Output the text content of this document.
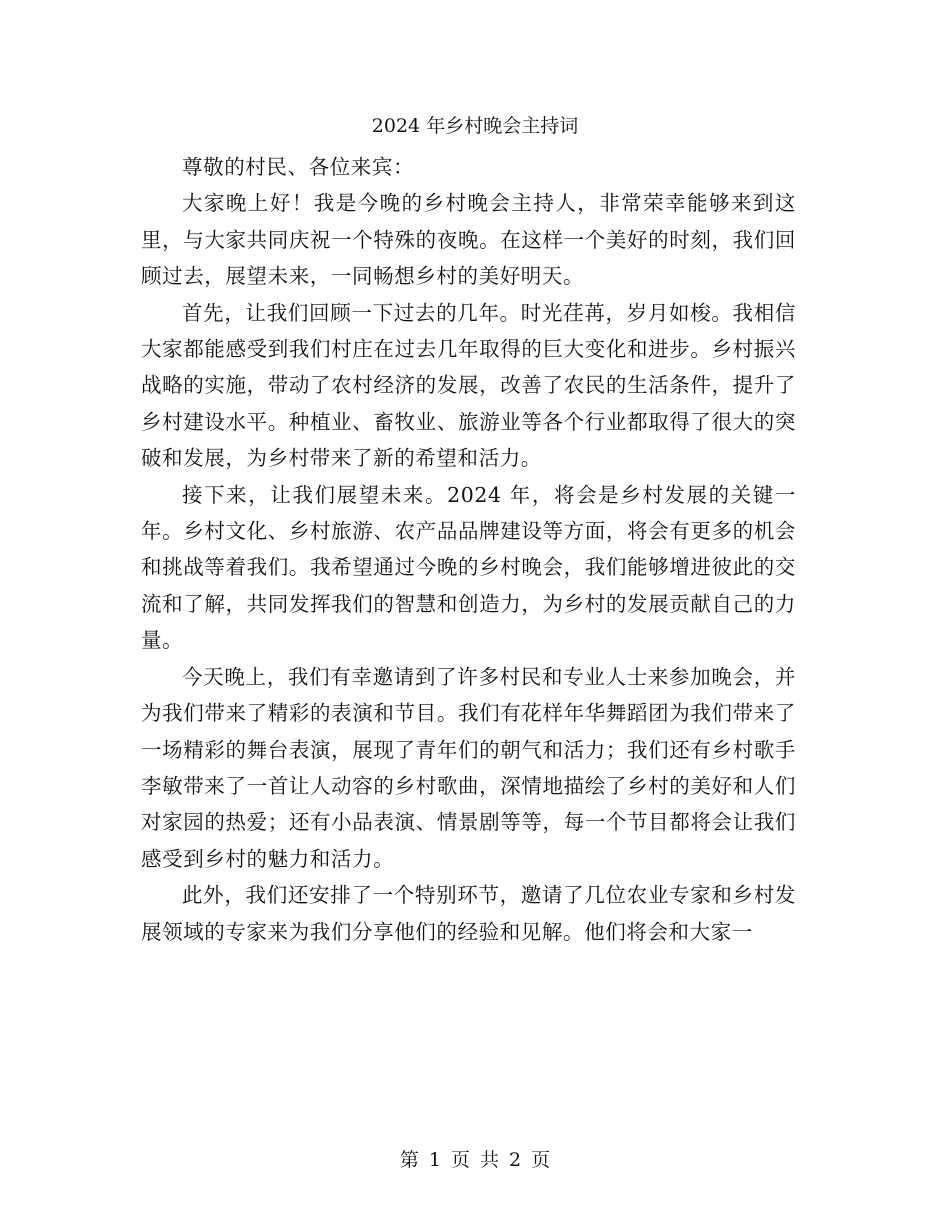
2024 年乡村晚会主持词

尊敬的村民、各位来宾：

大家晚上好！我是今晚的乡村晚会主持人，非常荣幸能够来到这里，与大家共同庆祝一个特殊的夜晚。在这样一个美好的时刻，我们回顾过去，展望未来，一同畅想乡村的美好明天。

首先，让我们回顾一下过去的几年。时光荏苒，岁月如梭。我相信大家都能感受到我们村庄在过去几年取得的巨大变化和进步。乡村振兴战略的实施，带动了农村经济的发展，改善了农民的生活条件，提升了乡村建设水平。种植业、畜牧业、旅游业等各个行业都取得了很大的突破和发展，为乡村带来了新的希望和活力。

接下来，让我们展望未来。2024 年，将会是乡村发展的关键一年。乡村文化、乡村旅游、农产品品牌建设等方面，将会有更多的机会和挑战等着我们。我希望通过今晚的乡村晚会，我们能够增进彼此的交流和了解，共同发挥我们的智慧和创造力，为乡村的发展贡献自己的力量。

今天晚上，我们有幸邀请到了许多村民和专业人士来参加晚会，并为我们带来了精彩的表演和节目。我们有花样年华舞蹈团为我们带来了一场精彩的舞台表演，展现了青年们的朝气和活力；我们还有乡村歌手李敏带来了一首让人动容的乡村歌曲，深情地描绘了乡村的美好和人们对家园的热爱；还有小品表演、情景剧等等，每一个节目都将会让我们感受到乡村的魅力和活力。

此外，我们还安排了一个特别环节，邀请了几位农业专家和乡村发展领域的专家来为我们分享他们的经验和见解。他们将会和大家一

第 1 页 共 2 页
